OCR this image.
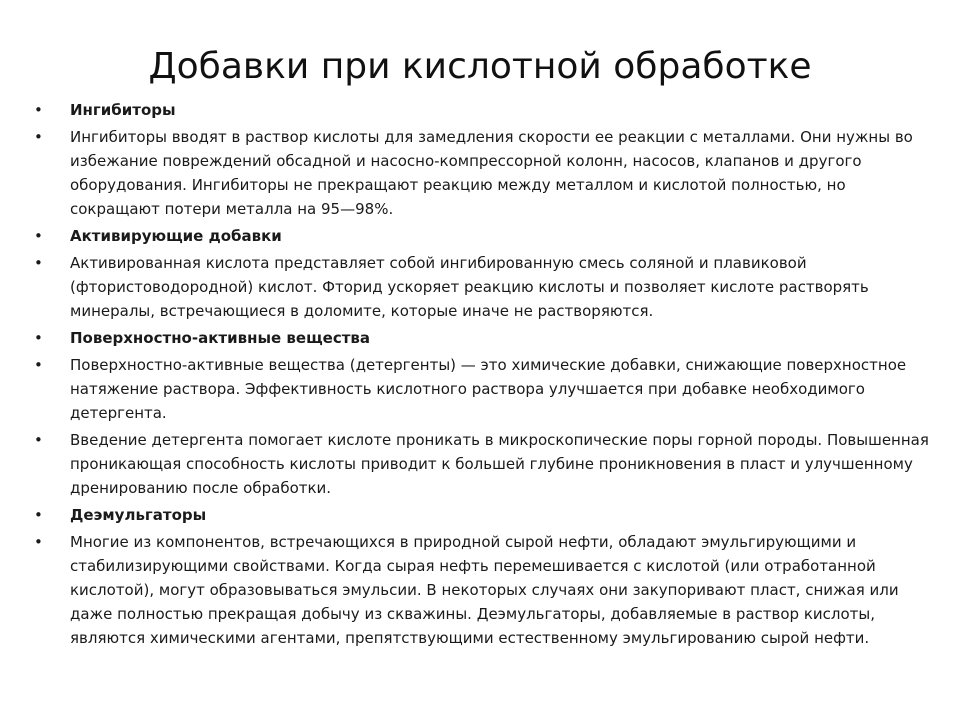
Добавки при кислотной обработке
•	Ингибиторы
•	Ингибиторы вводят в раствор кислоты для замедления скорости ее реакции с металлами. Они нужны во избежание повреждений обсадной и насосно-компрессорной колонн, насосов, клапанов и другого оборудования. Ингибиторы не прекращают реакцию между металлом и кислотой полностью, но сокращают потери металла на 95—98%.
•	Активирующие добавки
•	Активированная кислота представляет собой ингибированную смесь соляной и плавиковой (фтористоводородной) кислот. Фторид ускоряет реакцию кислоты и позволяет кислоте растворять минералы, встречающиеся в доломите, которые иначе не растворяются.
•	Поверхностно-активные вещества
•	Поверхностно-активные вещества (детергенты) — это химические добавки, снижающие поверхностное натяжение раствора. Эффективность кислотного раствора улучшается при добавке необходимого детергента.
•	Введение детергента помогает кислоте проникать в микроскопические поры горной породы. Повышенная проникающая способность кислоты приводит к большей глубине проникновения в пласт и улучшенному дренированию после обработки.
•	Деэмульгаторы
•	Многие из компонентов, встречающихся в природной сырой нефти, обладают эмульгирующими и стабилизирующими свойствами. Когда сырая нефть перемешивается с кислотой (или отработанной кислотой), могут образовываться эмульсии. В некоторых случаях они закупоривают пласт, снижая или даже полностью прекращая добычу из скважины. Деэмульгаторы, добавляемые в раствор кислоты, являются химическими агентами, препятствующими естественному эмульгированию сырой нефти.
